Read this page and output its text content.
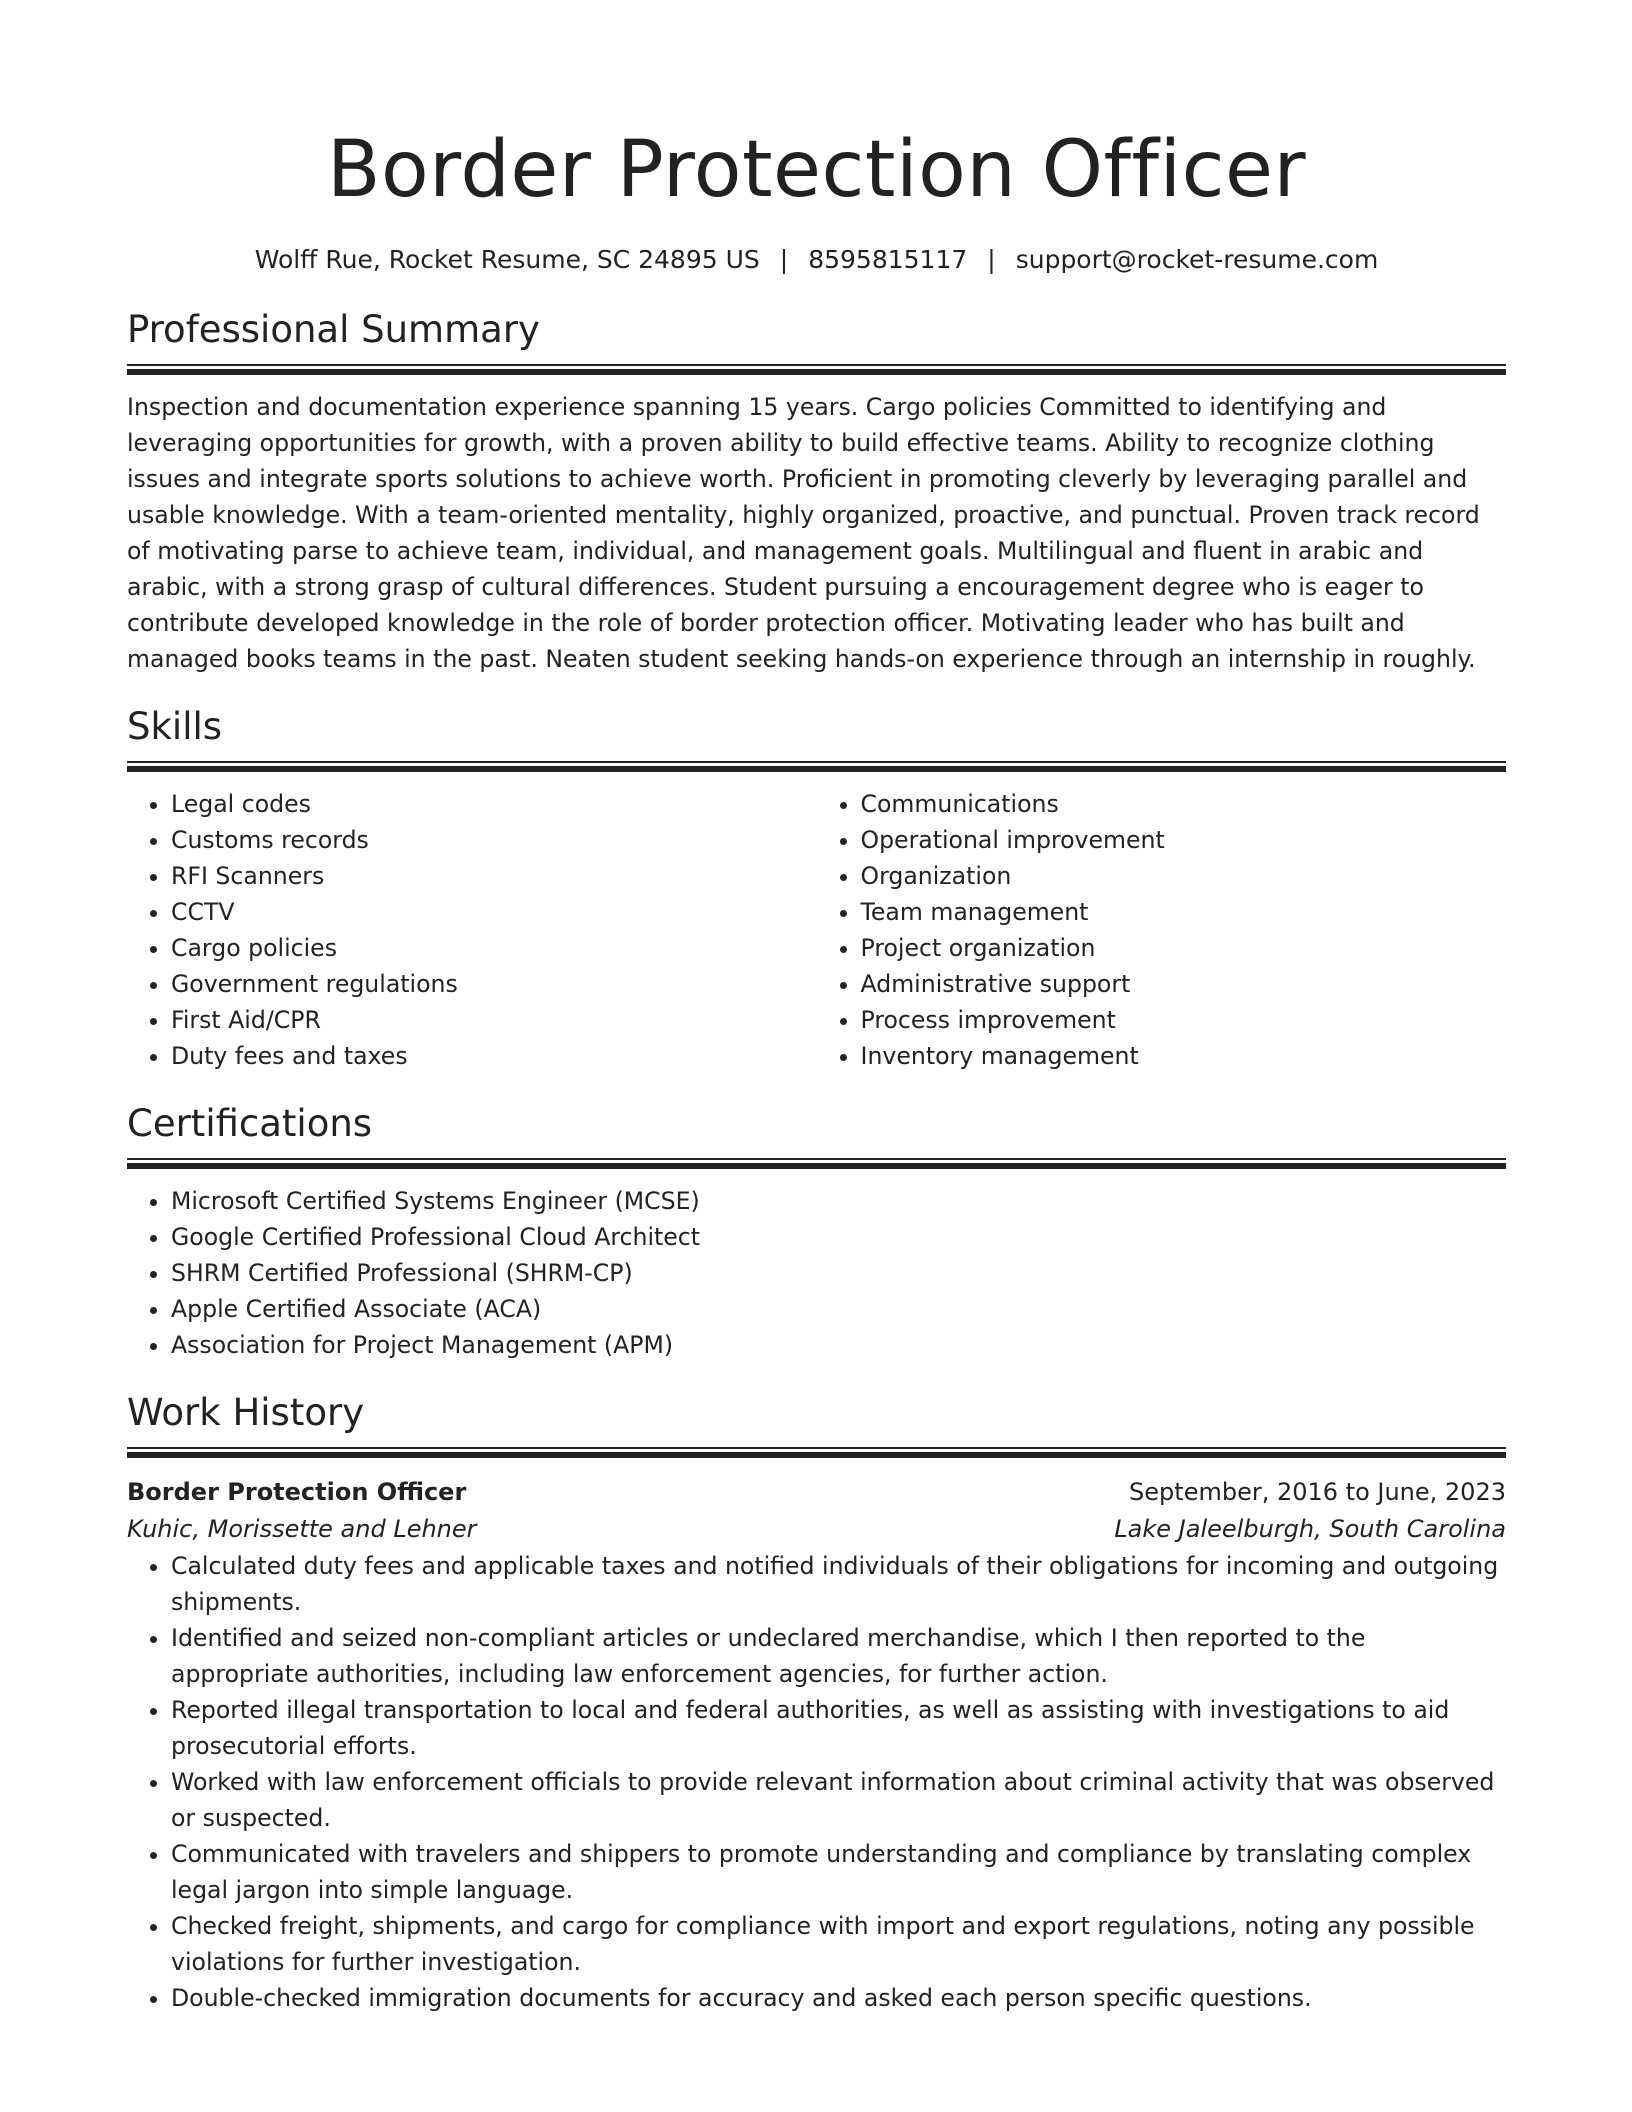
Border Protection Officer
Wolff Rue, Rocket Resume, SC 24895 US | 8595815117 | support@rocket-resume.com
Professional Summary

Inspection and documentation experience spanning 15 years. Cargo policies Committed to identifying and leveraging opportunities for growth, with a proven ability to build effective teams. Ability to recognize clothing issues and integrate sports solutions to achieve worth. Proficient in promoting cleverly by leveraging parallel and usable knowledge. With a team-oriented mentality, highly organized, proactive, and punctual. Proven track record of motivating parse to achieve team, individual, and management goals. Multilingual and fluent in arabic and arabic, with a strong grasp of cultural differences. Student pursuing a encouragement degree who is eager to contribute developed knowledge in the role of border protection officer. Motivating leader who has built and managed books teams in the past. Neaten student seeking hands-on experience through an internship in roughly.

Skills
• Legal codes
• Customs records
• RFI Scanners
• CCTV
• Cargo policies
• Government regulations
• First Aid/CPR
• Duty fees and taxes
• Communications
• Operational improvement
• Organization
• Team management
• Project organization
• Administrative support
• Process improvement
• Inventory management
Certifications
• Microsoft Certified Systems Engineer (MCSE)
• Google Certified Professional Cloud Architect
• SHRM Certified Professional (SHRM-CP)
• Apple Certified Associate (ACA)
• Association for Project Management (APM)
Work History
Border Protection Officer	September, 2016 to June, 2023
Kuhic, Morissette and Lehner	Lake Jaleelburgh, South Carolina
• Calculated duty fees and applicable taxes and notified individuals of their obligations for incoming and outgoing shipments.
• Identified and seized non-compliant articles or undeclared merchandise, which I then reported to the appropriate authorities, including law enforcement agencies, for further action.
• Reported illegal transportation to local and federal authorities, as well as assisting with investigations to aid prosecutorial efforts.
• Worked with law enforcement officials to provide relevant information about criminal activity that was observed or suspected.
• Communicated with travelers and shippers to promote understanding and compliance by translating complex legal jargon into simple language.
• Checked freight, shipments, and cargo for compliance with import and export regulations, noting any possible violations for further investigation.
• Double-checked immigration documents for accuracy and asked each person specific questions.
